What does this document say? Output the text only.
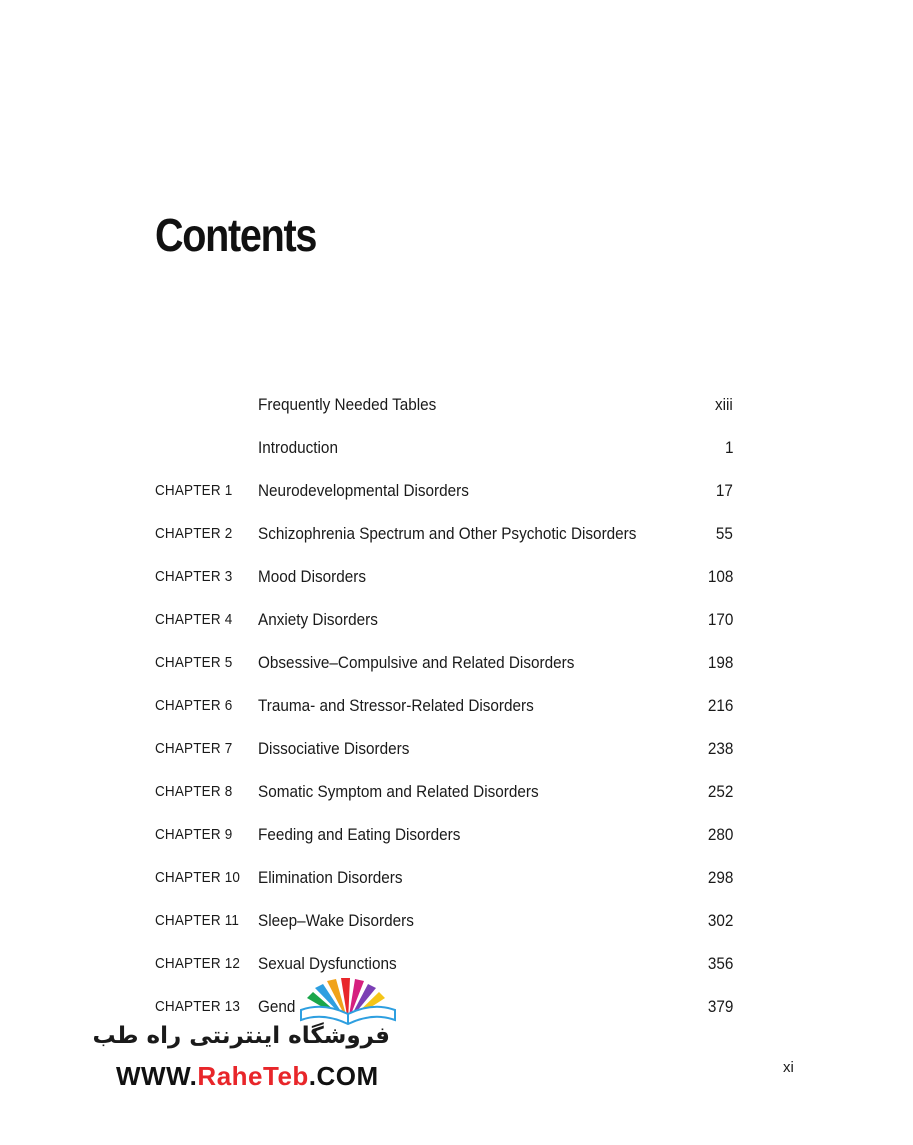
Contents
Frequently Needed Tables	xiii
Introduction	1
CHAPTER 1 Neurodevelopmental Disorders	17
CHAPTER 2 Schizophrenia Spectrum and Other Psychotic Disorders	55
CHAPTER 3 Mood Disorders	108
CHAPTER 4 Anxiety Disorders	170
CHAPTER 5 Obsessive–Compulsive and Related Disorders	198
CHAPTER 6 Trauma- and Stressor-Related Disorders	216
CHAPTER 7 Dissociative Disorders	238
CHAPTER 8 Somatic Symptom and Related Disorders	252
CHAPTER 9 Feeding and Eating Disorders	280
CHAPTER 10 Elimination Disorders	298
CHAPTER 11 Sleep–Wake Disorders	302
CHAPTER 12 Sexual Dysfunctions	356
CHAPTER 13 Gend	379
xi
فروشگاه اینترنتی راه طب
WWW.RaheTeb.COM
